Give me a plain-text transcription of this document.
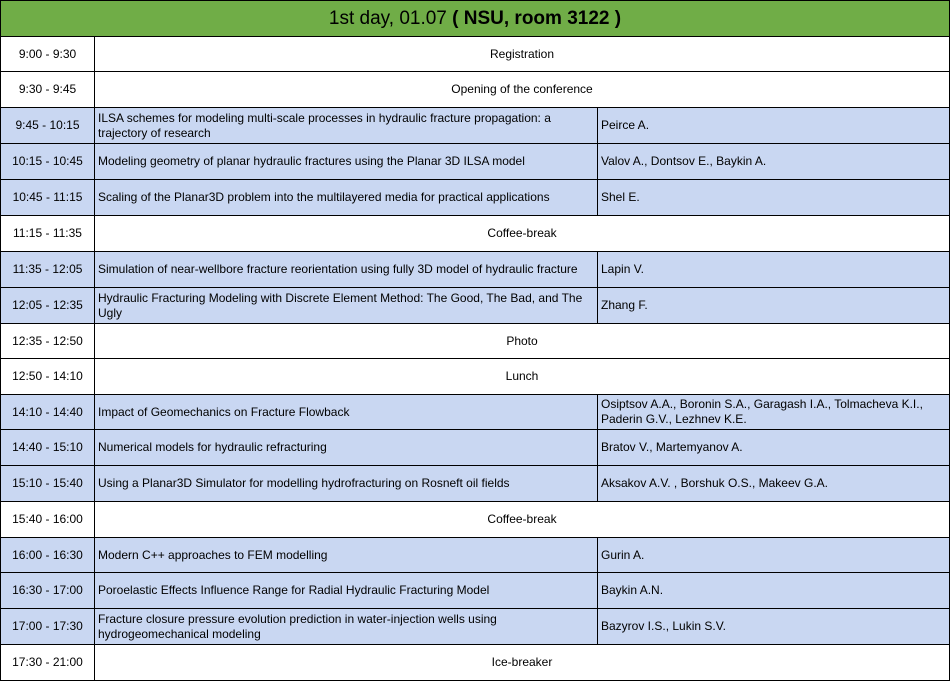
1st day, 01.07 ( NSU, room 3122 )		
9:00 - 9:30	Registration	
9:30 - 9:45	Opening of the conference	
9:45 - 10:15	ILSA schemes for modeling multi-scale processes in hydraulic fracture propagation: a trajectory of research	Peirce A.
10:15 - 10:45	Modeling geometry of planar hydraulic fractures using the Planar 3D ILSA model	Valov A., Dontsov E., Baykin A.
10:45 - 11:15	Scaling of the Planar3D problem into the multilayered media for practical applications	Shel E.
11:15 - 11:35	Coffee-break	
11:35 - 12:05	Simulation of near-wellbore fracture reorientation using fully 3D model of hydraulic fracture	Lapin V.
12:05 - 12:35	Hydraulic Fracturing Modeling with Discrete Element Method: The Good, The Bad, and The Ugly	Zhang F.
12:35 - 12:50	Photo	
12:50 - 14:10	Lunch	
14:10 - 14:40	Impact of Geomechanics on Fracture Flowback	Osiptsov A.A., Boronin S.A., Garagash I.A., Tolmacheva K.I., Paderin G.V., Lezhnev K.E.
14:40 - 15:10	Numerical models for hydraulic refracturing	Bratov V., Martemyanov A.
15:10 - 15:40	Using a Planar3D Simulator for modelling hydrofracturing on Rosneft oil fields	Aksakov A.V. , Borshuk O.S., Makeev G.A.
15:40 - 16:00	Coffee-break	
16:00 - 16:30	Modern C++ approaches to FEM modelling	Gurin A.
16:30 - 17:00	Poroelastic Effects Influence Range for Radial Hydraulic Fracturing Model	Baykin A.N.
17:00 - 17:30	Fracture closure pressure evolution prediction in water-injection wells using hydrogeomechanical modeling	Bazyrov I.S., Lukin S.V.
17:30 - 21:00	Ice-breaker	
